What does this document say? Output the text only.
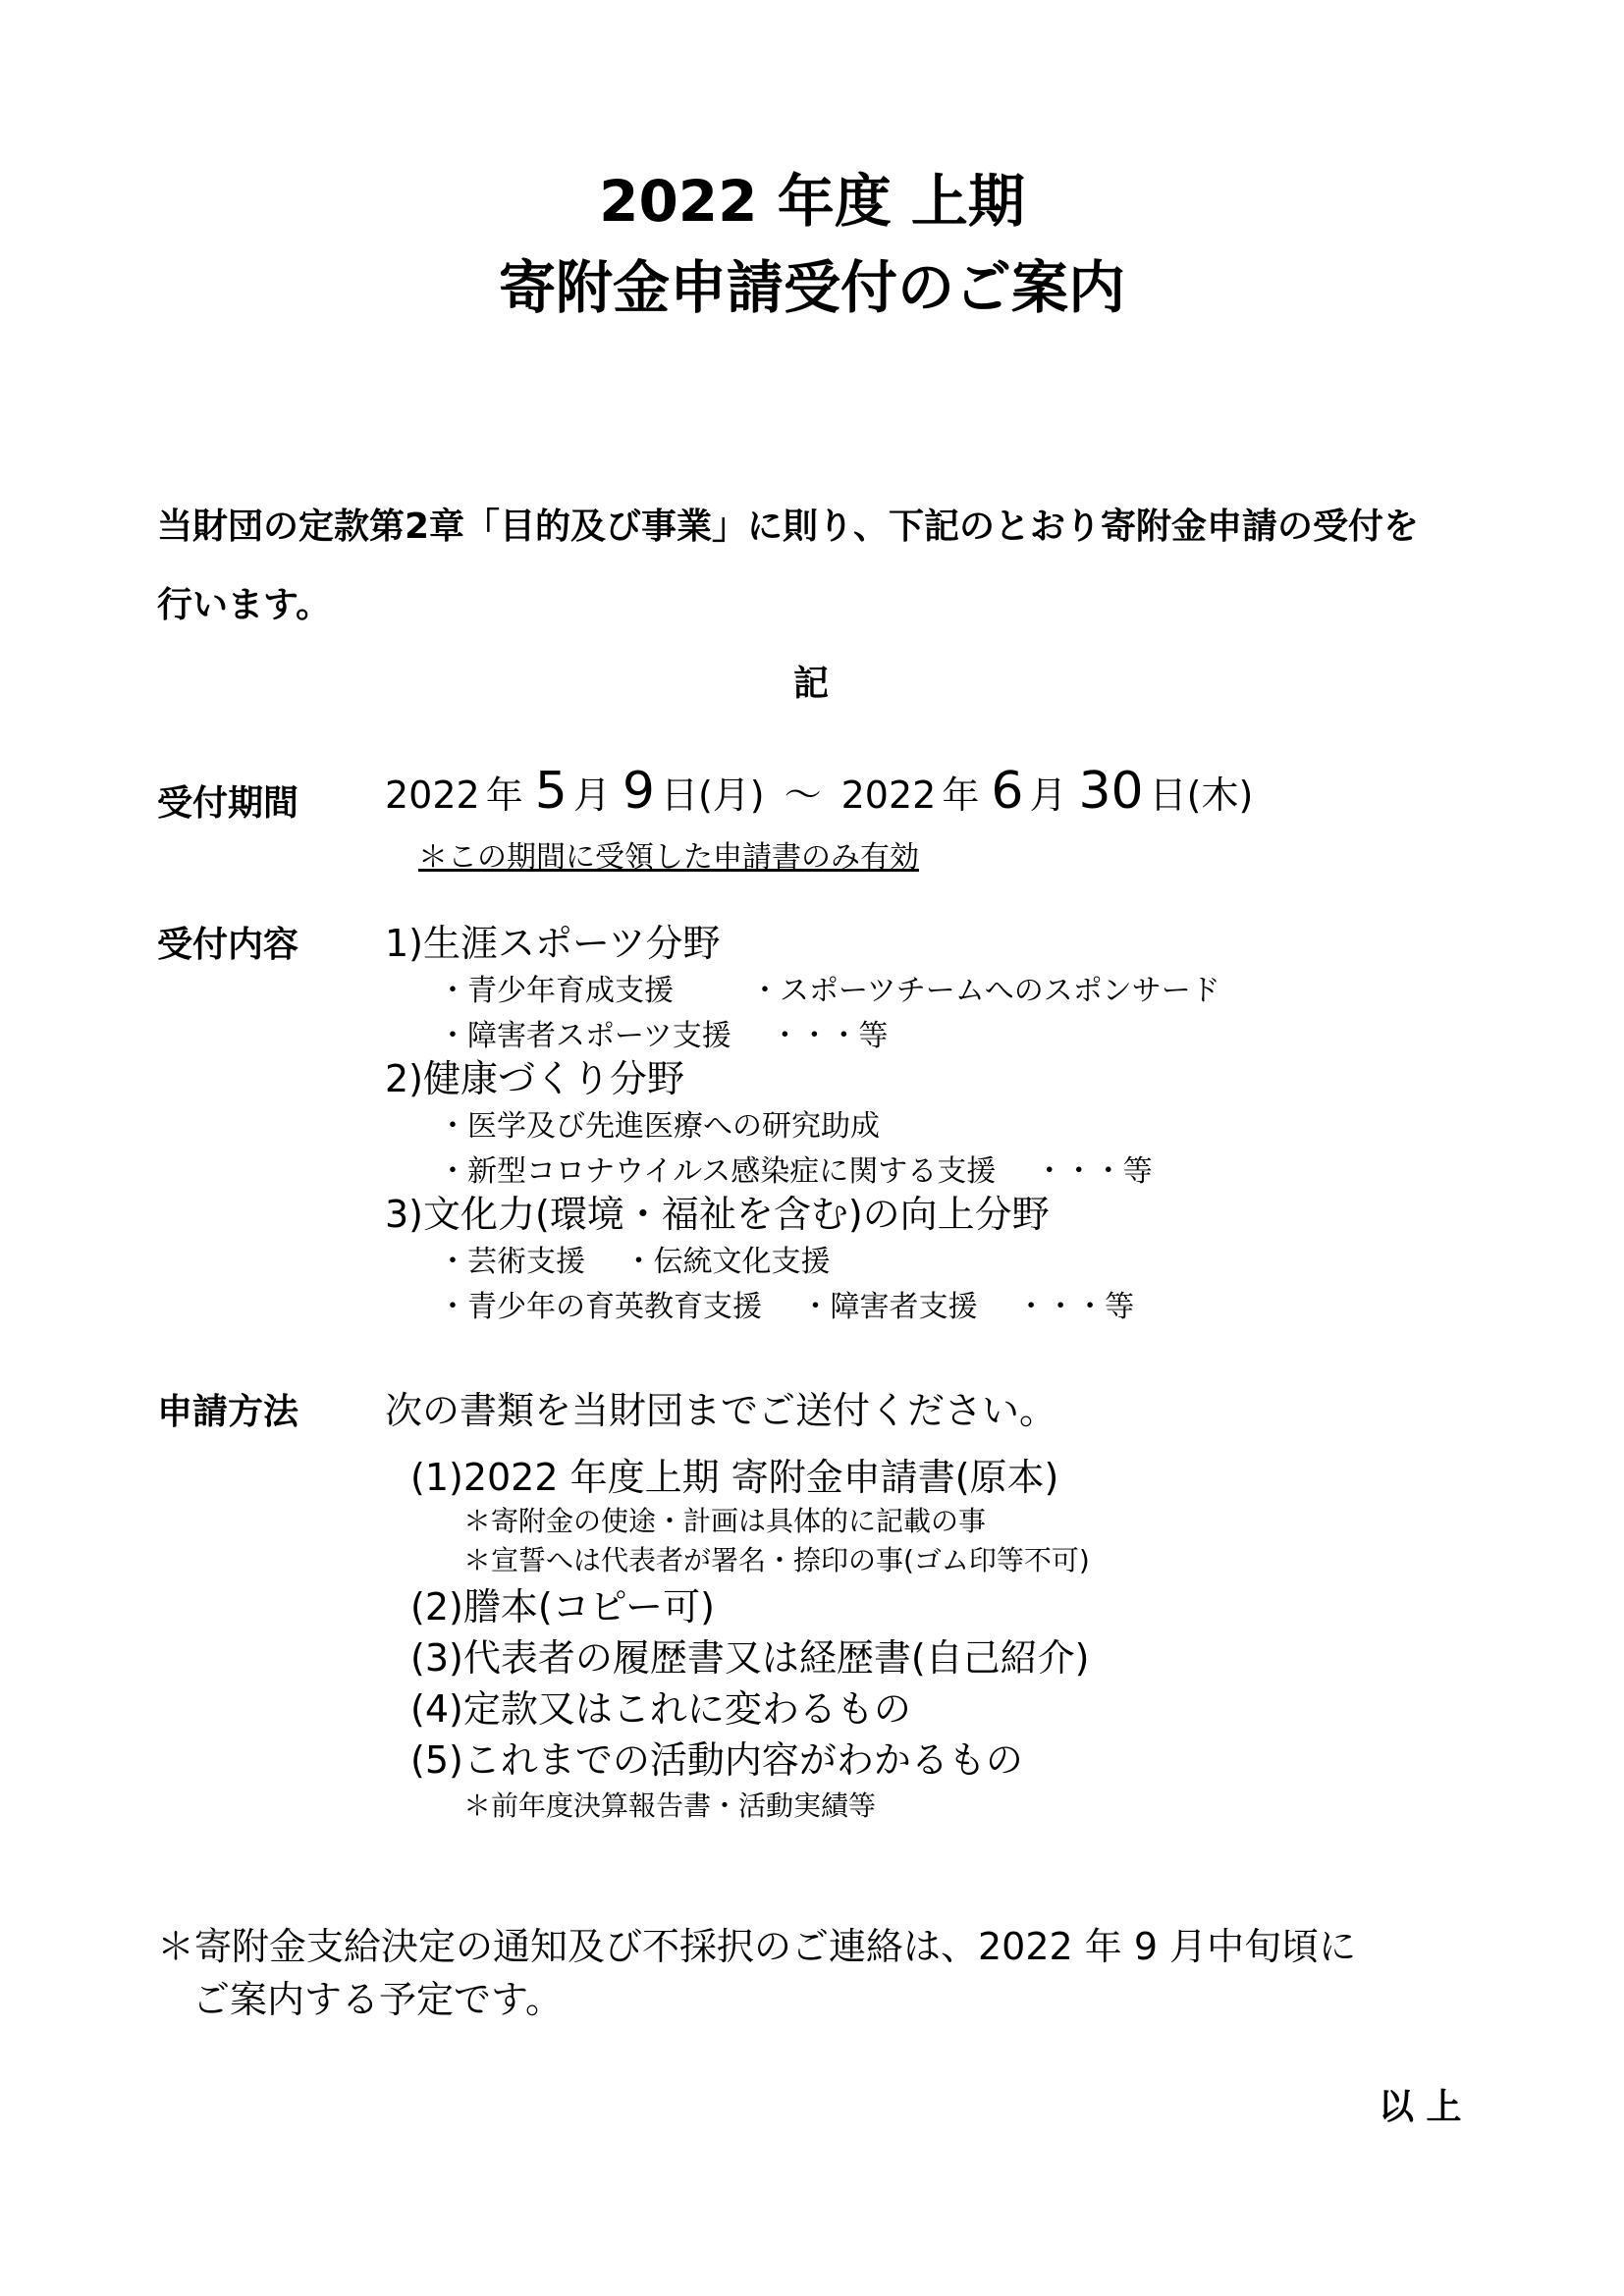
2022 年度 上期
寄附金申請受付のご案内
当財団の定款第2章「目的及び事業」に則り、下記のとおり寄附金申請の受付を
行います。
記
受付期間 2022 年 5 月 9 日(月) ～ 2022 年 6 月 30 日(木)
＊この期間に受領した申請書のみ有効
受付内容 1)生涯スポーツ分野
・青少年育成支援	・スポーツチームへのスポンサード
・障害者スポーツ支援　 ・・・等
2)健康づくり分野
・医学及び先進医療への研究助成
・新型コロナウイルス感染症に関する支援　 ・・・等
3)文化力(環境・福祉を含む)の向上分野
・芸術支援　 ・伝統文化支援
・青少年の育英教育支援　 ・障害者支援　 ・・・等
申請方法 次の書類を当財団までご送付ください。
(1)2022 年度上期 寄附金申請書(原本)
＊寄附金の使途・計画は具体的に記載の事
＊宣誓へは代表者が署名・捺印の事(ゴム印等不可)
(2)謄本(コピー可)
(3)代表者の履歴書又は経歴書(自己紹介)
(4)定款又はこれに変わるもの
(5)これまでの活動内容がわかるもの
＊前年度決算報告書・活動実績等
＊寄附金支給決定の通知及び不採択のご連絡は、2022 年 9 月中旬頃に
ご案内する予定です。
以 上
